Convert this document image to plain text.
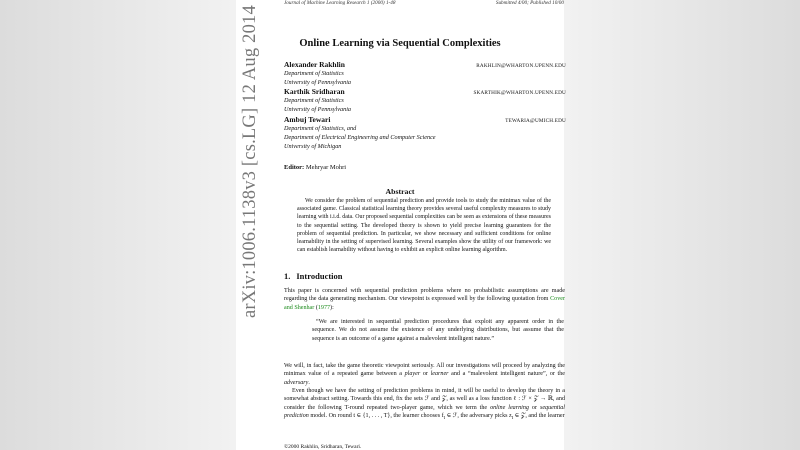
arXiv:1006.1138v3 [cs.LG] 12 Aug 2014
Journal of Machine Learning Research 1 (2000) 1-48	Submitted 4/00; Published 10/00
Online Learning via Sequential Complexities
Alexander Rakhlin	RAKHLIN@WHARTON.UPENN.EDU
Department of Statistics
University of Pennsylvania
Karthik Sridharan	SKARTHIK@WHARTON.UPENN.EDU
Department of Statistics
University of Pennsylvania
Ambuj Tewari	TEWARIA@UMICH.EDU
Department of Statistics, and
Department of Electrical Engineering and Computer Science
University of Michigan
Editor: Mehryar Mohri
Abstract
We consider the problem of sequential prediction and provide tools to study the minimax value of the associated game. Classical statistical learning theory provides several useful complexity measures to study learning with i.i.d. data. Our proposed sequential complexities can be seen as extensions of these measures to the sequential setting. The developed theory is shown to yield precise learning guarantees for the problem of sequential prediction. In particular, we show necessary and sufficient conditions for online learnability in the setting of supervised learning. Several examples show the utility of our framework: we can establish learnability without having to exhibit an explicit online learning algorithm.
1. Introduction
This paper is concerned with sequential prediction problems where no probabilistic assumptions are made regarding the data generating mechanism. Our viewpoint is expressed well by the following quotation from Cover and Shenhar (1977):
“We are interested in sequential prediction procedures that exploit any apparent order in the sequence. We do not assume the existence of any underlying distributions, but assume that the sequence is an outcome of a game against a malevolent intelligent nature.”
We will, in fact, take the game theoretic viewpoint seriously. All our investigations will proceed by analyzing the minimax value of a repeated game between a player or learner and a “malevolent intelligent nature”, or the adversary.
Even though we have the setting of prediction problems in mind, it will be useful to develop the theory in a somewhat abstract setting. Towards this end, fix the sets ℱ and 𝒵, as well as a loss function ℓ : ℱ × 𝒵 → ℝ, and consider the following T-round repeated two-player game, which we term the online learning or sequential prediction model. On round t ∈ {1, . . . , T}, the learner chooses $f_t$ ∈ ℱ, the adversary picks $z_t$ ∈ 𝒵, and the learner
©2000 Rakhlin, Sridharan, Tewari.
